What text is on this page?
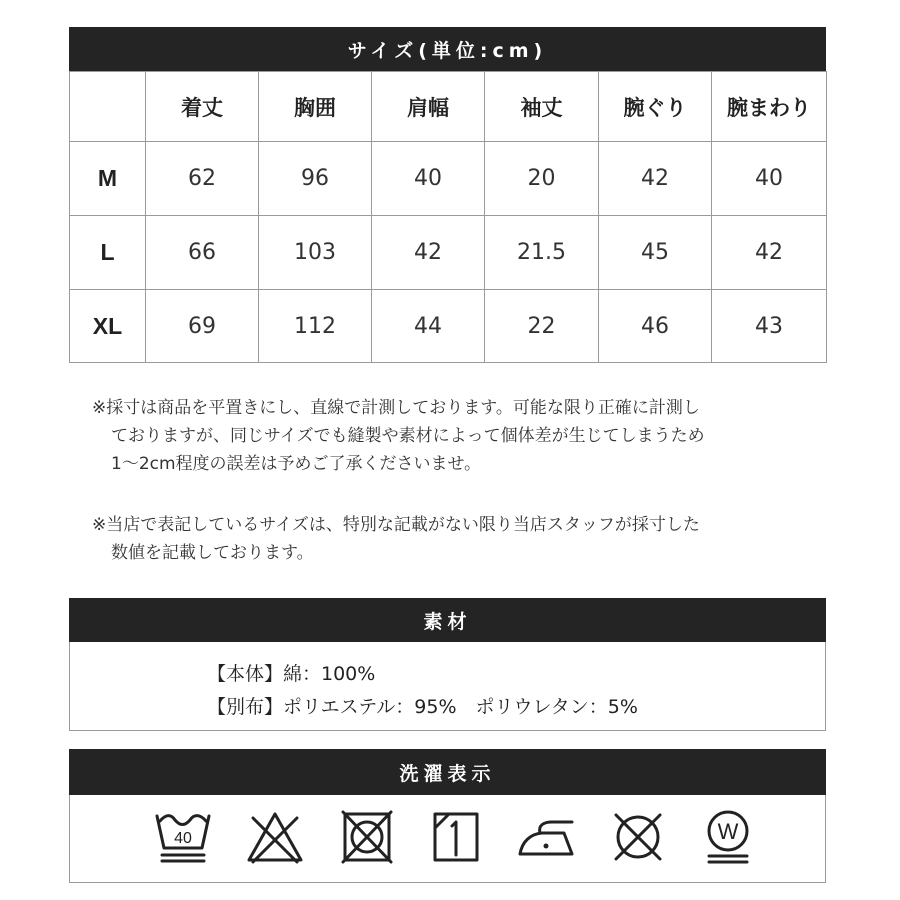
サイズ(単位:cm)
	着丈	胸囲	肩幅	袖丈	腕ぐり	腕まわり
M	62	96	40	20	42	40
L	66	103	42	21.5	45	42
XL	69	112	44	22	46	43

※採寸は商品を平置きにし、直線で計測しております。可能な限り正確に計測し

ておりますが、同じサイズでも縫製や素材によって個体差が生じてしまうため

1〜2cm程度の誤差は予めご了承くださいませ。

※当店で表記しているサイズは、特別な記載がない限り当店スタッフが採寸した

数値を記載しております。

素材
【本体】綿：100%
【別布】ポリエステル：95%　ポリウレタン：5%
洗濯表示
40	W
